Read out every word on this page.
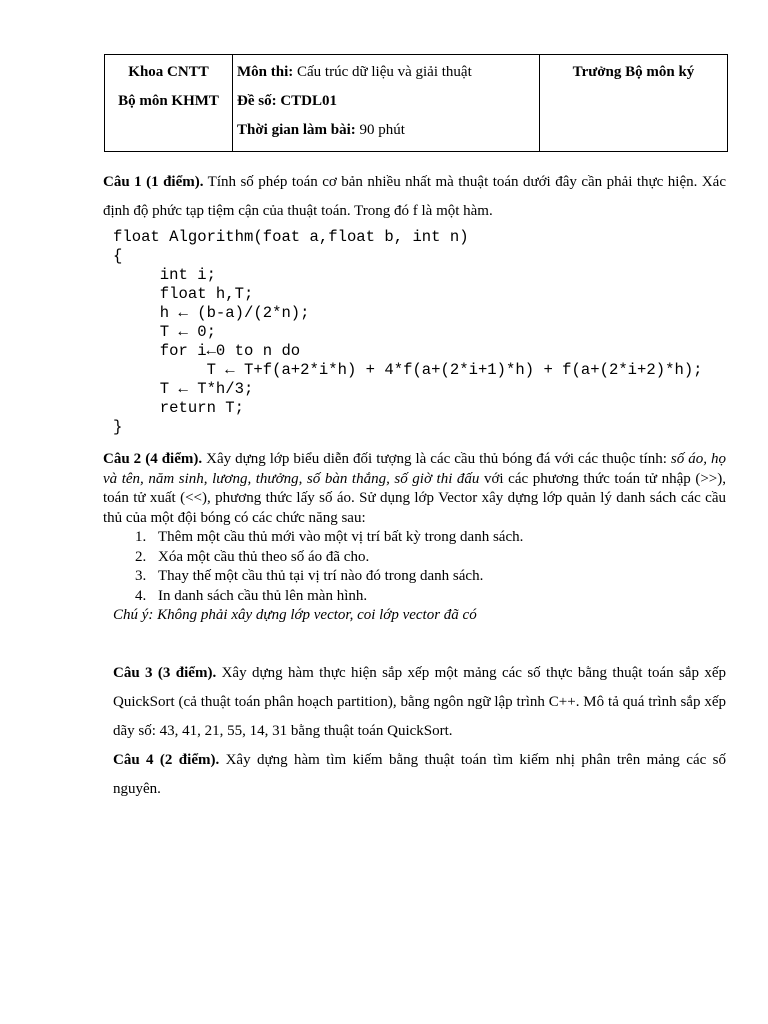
Khoa CNTT
Bộ môn KHMT

Môn thi: Cấu trúc dữ liệu và giải thuật
Đề số: CTDL01
Thời gian làm bài: 90 phút

Trưởng Bộ môn ký
Câu 1 (1 điểm). Tính số phép toán cơ bản nhiều nhất mà thuật toán dưới đây cần phải thực hiện. Xác định độ phức tạp tiệm cận của thuật toán. Trong đó f là một hàm.
float Algorithm(foat a,float b, int n)
{
int i;
float h,T;
h ← (b-a)/(2*n);
T ← 0;
for i←0 to n do
T ← T+f(a+2*i*h) + 4*f(a+(2*i+1)*h) + f(a+(2*i+2)*h);
T ← T*h/3;
return T;
}
Câu 2 (4 điểm). Xây dựng lớp biểu diễn đối tượng là các cầu thủ bóng đá với các thuộc tính: số áo, họ và tên, năm sinh, lương, thưởng, số bàn thắng, số giờ thi đấu với các phương thức toán tử nhập (>>), toán tử xuất (<<), phương thức lấy số áo. Sử dụng lớp Vector xây dựng lớp quản lý danh sách các cầu thủ của một đội bóng có các chức năng sau:
1. Thêm một cầu thủ mới vào một vị trí bất kỳ trong danh sách.
2. Xóa một cầu thủ theo số áo đã cho.
3. Thay thế một cầu thủ tại vị trí nào đó trong danh sách.
4. In danh sách cầu thủ lên màn hình.
Chú ý: Không phải xây dựng lớp vector, coi lớp vector đã có

Câu 3 (3 điểm). Xây dựng hàm thực hiện sắp xếp một mảng các số thực bằng thuật toán sắp xếp QuickSort (cả thuật toán phân hoạch partition), bằng ngôn ngữ lập trình C++. Mô tả quá trình sắp xếp dãy số: 43, 41, 21, 55, 14, 31 bằng thuật toán QuickSort.

Câu 4 (2 điểm). Xây dựng hàm tìm kiếm bằng thuật toán tìm kiếm nhị phân trên mảng các số nguyên.
